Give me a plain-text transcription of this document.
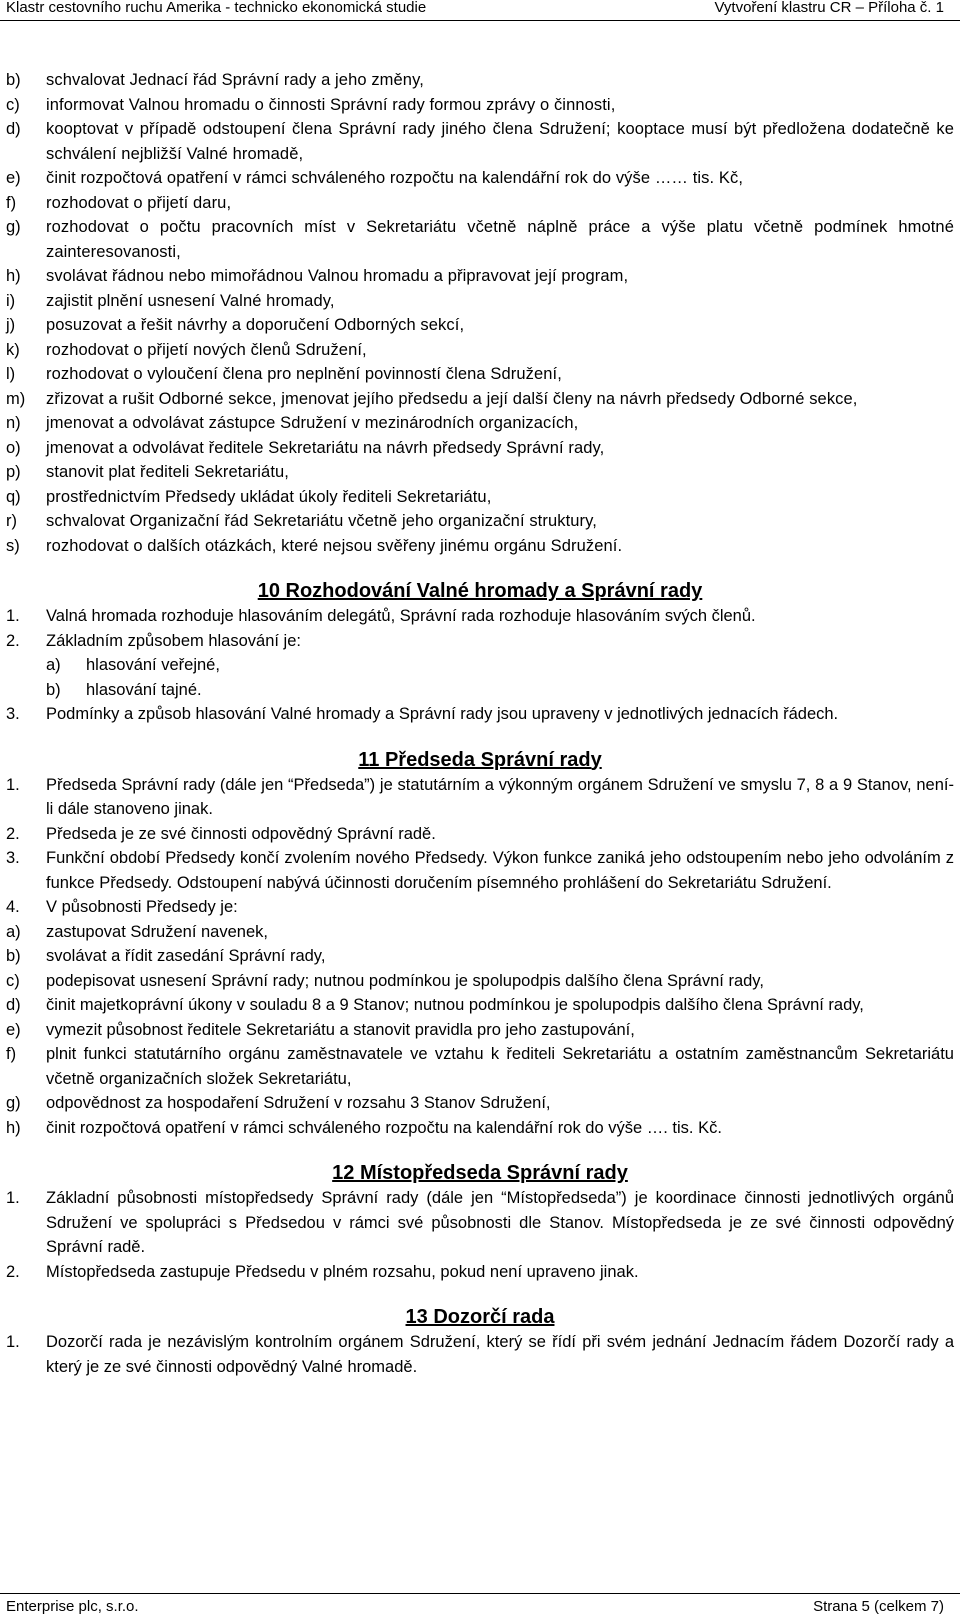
Klastr cestovního ruchu Amerika - technicko ekonomická studie	Vytvoření klastru CR – Příloha č. 1
b)	schvalovat Jednací řád Správní rady a jeho změny,
c)	informovat Valnou hromadu o činnosti Správní rady formou zprávy o činnosti,
d)	kooptovat v případě odstoupení člena Správní rady jiného člena Sdružení; kooptace musí být předložena dodatečně ke schválení nejbližší Valné hromadě,
e)	činit rozpočtová opatření v rámci schváleného rozpočtu na kalendářní rok do výše …… tis. Kč,
f)	rozhodovat o přijetí daru,
g)	rozhodovat o počtu pracovních míst v Sekretariátu včetně náplně práce a výše platu včetně podmínek hmotné zainteresovanosti,
h)	svolávat řádnou nebo mimořádnou Valnou hromadu a připravovat její program,
i)	zajistit plnění usnesení Valné hromady,
j)	posuzovat a řešit návrhy a doporučení Odborných sekcí,
k)	rozhodovat o přijetí nových členů Sdružení,
l)	rozhodovat o vyloučení člena pro neplnění povinností člena Sdružení,
m)	zřizovat a rušit Odborné sekce, jmenovat jejího předsedu a její další členy na návrh předsedy Odborné sekce,
n)	jmenovat a odvolávat zástupce Sdružení v mezinárodních organizacích,
o)	jmenovat a odvolávat ředitele Sekretariátu na návrh předsedy Správní rady,
p)	stanovit plat řediteli Sekretariátu,
q)	prostřednictvím Předsedy ukládat úkoly řediteli Sekretariátu,
r)	schvalovat Organizační řád Sekretariátu včetně jeho organizační struktury,
s)	rozhodovat o dalších otázkách, které nejsou svěřeny jinému orgánu Sdružení.
10 Rozhodování Valné hromady a Správní rady
1.	Valná hromada rozhoduje hlasováním delegátů, Správní rada rozhoduje hlasováním svých členů.
2.	Základním způsobem hlasování je:
a)	hlasování veřejné,
b)	hlasování tajné.
3.	Podmínky a způsob hlasování Valné hromady a Správní rady jsou upraveny v jednotlivých jednacích řádech.
11 Předseda Správní rady
1.	Předseda Správní rady (dále jen “Předseda”) je statutárním a výkonným orgánem Sdružení ve smyslu 7, 8 a 9 Stanov, není-li dále stanoveno jinak.
2.	Předseda je ze své činnosti odpovědný Správní radě.
3.	Funkční období Předsedy končí zvolením nového Předsedy. Výkon funkce zaniká jeho odstoupením nebo jeho odvoláním z funkce Předsedy. Odstoupení nabývá účinnosti doručením písemného prohlášení do Sekretariátu Sdružení.
4.	V působnosti Předsedy je:
a)	zastupovat Sdružení navenek,
b)	svolávat a řídit zasedání Správní rady,
c)	podepisovat usnesení Správní rady; nutnou podmínkou je spolupodpis dalšího člena Správní rady,
d)	činit majetkoprávní úkony v souladu 8 a 9 Stanov; nutnou podmínkou je spolupodpis dalšího člena Správní rady,
e)	vymezit působnost ředitele Sekretariátu a stanovit pravidla pro jeho zastupování,
f)	plnit funkci statutárního orgánu zaměstnavatele ve vztahu k řediteli Sekretariátu a ostatním zaměstnancům Sekretariátu včetně organizačních složek Sekretariátu,
g)	odpovědnost za hospodaření Sdružení v rozsahu 3 Stanov Sdružení,
h)	činit rozpočtová opatření v rámci schváleného rozpočtu na kalendářní rok do výše …. tis. Kč.
12 Místopředseda Správní rady
1.	Základní působnosti místopředsedy Správní rady (dále jen “Místopředseda”) je koordinace činnosti jednotlivých orgánů Sdružení ve spolupráci s Předsedou v rámci své působnosti dle Stanov. Místopředseda je ze své činnosti odpovědný Správní radě.
2.	Místopředseda zastupuje Předsedu v plném rozsahu, pokud není upraveno jinak.
13 Dozorčí rada
1.	Dozorčí rada je nezávislým kontrolním orgánem Sdružení, který se řídí při svém jednání Jednacím řádem Dozorčí rady a který je ze své činnosti odpovědný Valné hromadě.
Enterprise plc, s.r.o.	Strana 5 (celkem 7)
